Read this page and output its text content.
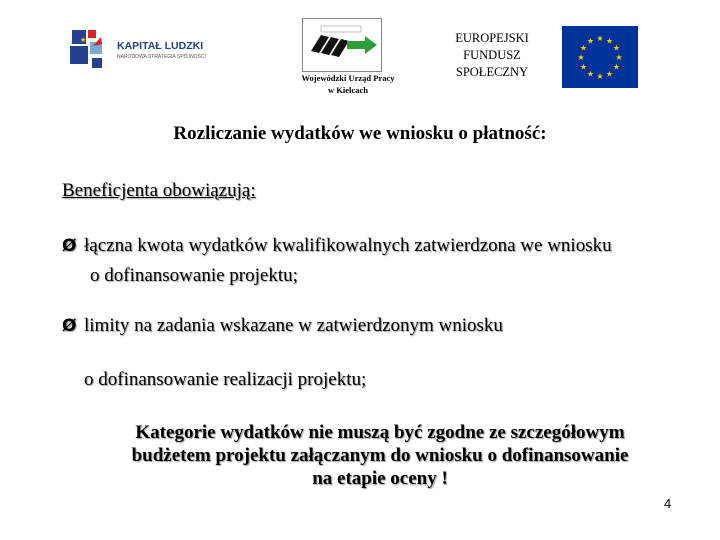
★	KAPITAŁ LUDZKI
NARODOWA STRATEGIA SPÓJNOŚCI
Wojewódzki Urząd Pracy
w Kielcach
EUROPEJSKI
FUNDUSZ
SPOŁECZNY
★ ★
★
★
★
★
★
★
★
★
★
★
Rozliczanie wydatków we wniosku o płatność:
Beneficjenta obowiązują:
Ø łączna kwota wydatków kwalifikowalnych zatwierdzona we wniosku
o dofinansowanie projektu;
Ø limity na zadania wskazane w zatwierdzonym wniosku
o dofinansowanie realizacji projektu;
Kategorie wydatków nie muszą być zgodne ze szczegółowym
budżetem projektu załączanym do wniosku o dofinansowanie
na etapie oceny !
4
